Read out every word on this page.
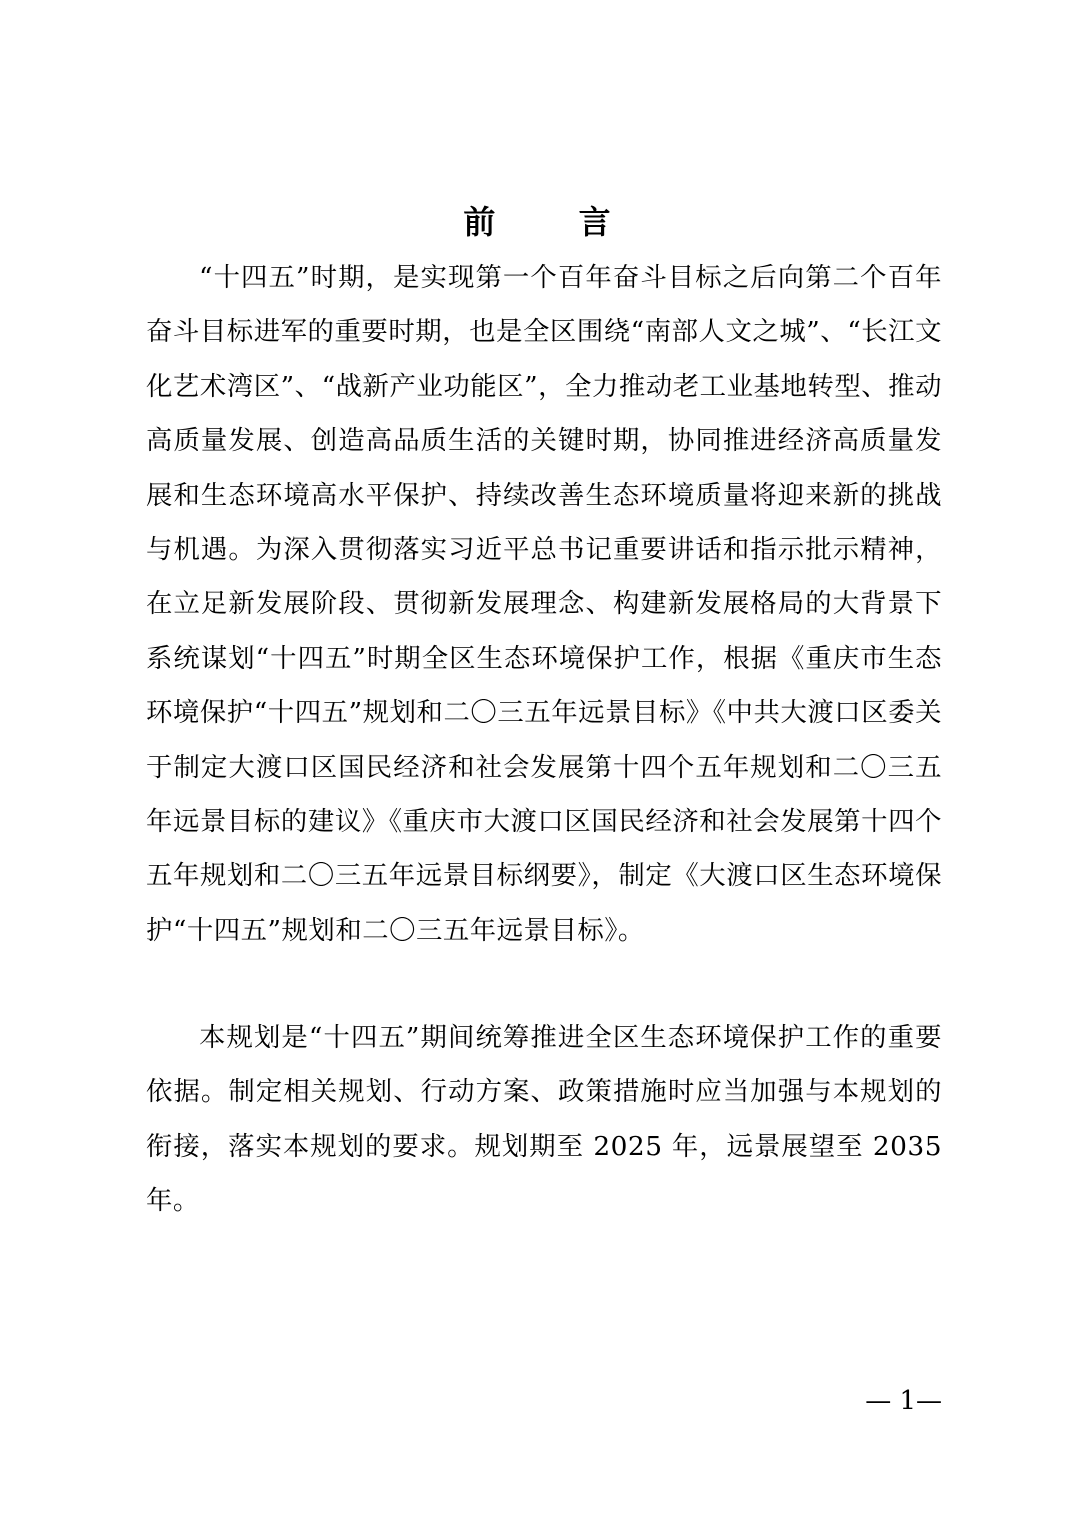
前 言

“十四五”时期，是实现第一个百年奋斗目标之后向第二个百年奋斗目标进军的重要时期，也是全区围绕“南部人文之城”、“长江文化艺术湾区”、“战新产业功能区”，全力推动老工业基地转型、推动高质量发展、创造高品质生活的关键时期，协同推进经济高质量发展和生态环境高水平保护、持续改善生态环境质量将迎来新的挑战与机遇。为深入贯彻落实习近平总书记重要讲话和指示批示精神，在立足新发展阶段、贯彻新发展理念、构建新发展格局的大背景下系统谋划“十四五”时期全区生态环境保护工作，根据《重庆市生态环境保护“十四五”规划和二〇三五年远景目标》《中共大渡口区委关于制定大渡口区国民经济和社会发展第十四个五年规划和二〇三五年远景目标的建议》《重庆市大渡口区国民经济和社会发展第十四个五年规划和二〇三五年远景目标纲要》，制定《大渡口区生态环境保护“十四五”规划和二〇三五年远景目标》。

本规划是“十四五”期间统筹推进全区生态环境保护工作的重要依据。制定相关规划、行动方案、政策措施时应当加强与本规划的衔接，落实本规划的要求。规划期至 2025 年，远景展望至 2035 年。

— 1—
